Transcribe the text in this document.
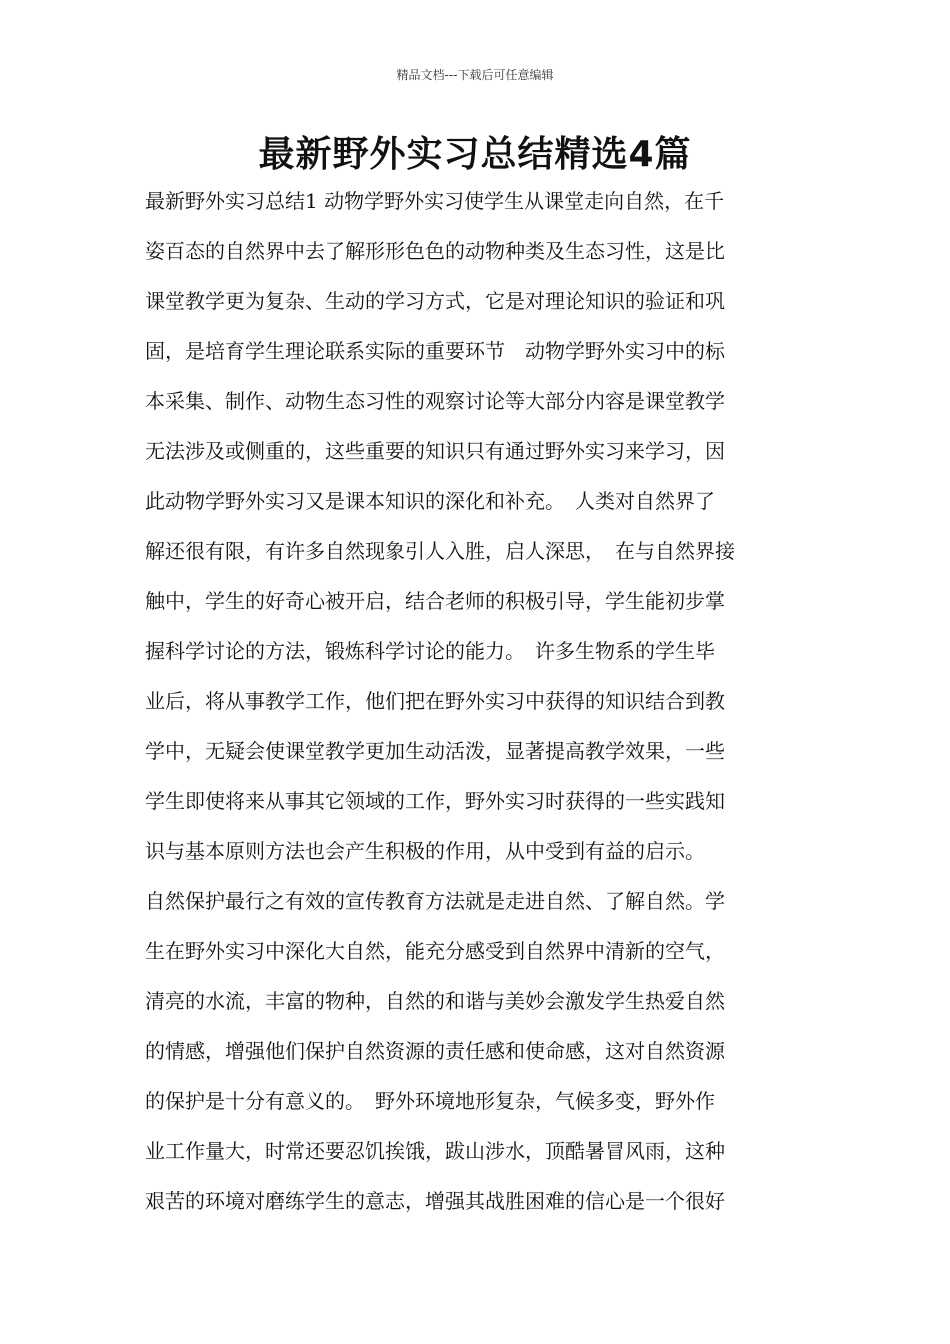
精品文档---下载后可任意编辑
最新野外实习总结精选4篇
最新野外实习总结1 动物学野外实习使学生从课堂走向自然，在千
姿百态的自然界中去了解形形色色的动物种类及生态习性，这是比
课堂教学更为复杂、生动的学习方式，它是对理论知识的验证和巩
固，是培育学生理论联系实际的重要环节　动物学野外实习中的标
本采集、制作、动物生态习性的观察讨论等大部分内容是课堂教学
无法涉及或侧重的，这些重要的知识只有通过野外实习来学习，因
此动物学野外实习又是课本知识的深化和补充。　人类对自然界了
解还很有限，有许多自然现象引人入胜，启人深思，　在与自然界接
触中，学生的好奇心被开启，结合老师的积极引导，学生能初步掌
握科学讨论的方法，锻炼科学讨论的能力。　许多生物系的学生毕
业后，将从事教学工作，他们把在野外实习中获得的知识结合到教
学中，无疑会使课堂教学更加生动活泼，显著提高教学效果，一些
学生即使将来从事其它领域的工作，野外实习时获得的一些实践知
识与基本原则方法也会产生积极的作用，从中受到有益的启示。
自然保护最行之有效的宣传教育方法就是走进自然、了解自然。学
生在野外实习中深化大自然，能充分感受到自然界中清新的空气，
清亮的水流，丰富的物种，自然的和谐与美妙会激发学生热爱自然
的情感，增强他们保护自然资源的责任感和使命感，这对自然资源
的保护是十分有意义的。　野外环境地形复杂，气候多变，野外作
业工作量大，时常还要忍饥挨饿，跋山涉水，顶酷暑冒风雨，这种
艰苦的环境对磨练学生的意志，增强其战胜困难的信心是一个很好
